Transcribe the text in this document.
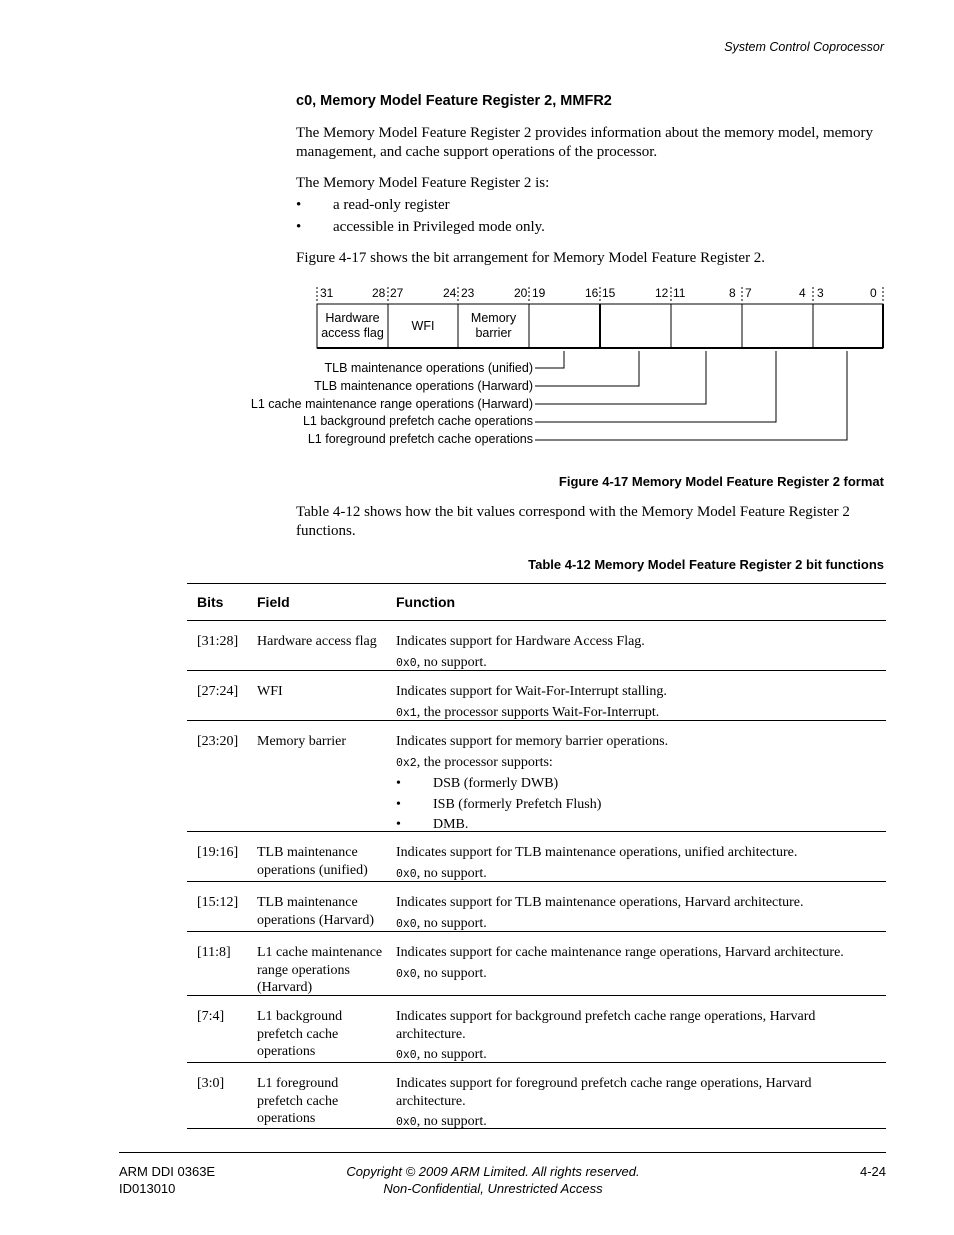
System Control Coprocessor
c0, Memory Model Feature Register 2, MMFR2
The Memory Model Feature Register 2 provides information about the memory model, memory management, and cache support operations of the processor.
The Memory Model Feature Register 2 is:
• a read-only register
• accessible in Privileged mode only.
Figure 4-17 shows the bit arrangement for Memory Model Feature Register 2.
31	28 27	24 23	20 19	16 15	12 11	8 7	4 3	0
Hardware
access flag
WFI
Memory
barrier
TLB maintenance operations (unified)
TLB maintenance operations (Harward)
L1 cache maintenance range operations (Harward)
L1 background prefetch cache operations
L1 foreground prefetch cache operations
Figure 4-17 Memory Model Feature Register 2 format
Table 4-12 shows how the bit values correspond with the Memory Model Feature Register 2 functions.
Table 4-12 Memory Model Feature Register 2 bit functions
Bits Field	Function
[31:28] Hardware access flag	Indicates support for Hardware Access Flag.
0x0, no support.
[27:24] WFI	Indicates support for Wait-For-Interrupt stalling.
0x1, the processor supports Wait-For-Interrupt.
[23:20] Memory barrier	Indicates support for memory barrier operations.
0x2, the processor supports:
• DSB (formerly DWB)
• ISB (formerly Prefetch Flush)
• DMB.
[19:16] TLB maintenance operations (unified)
Indicates support for TLB maintenance operations, unified architecture.
0x0, no support.
[15:12] TLB maintenance operations (Harvard)
Indicates support for TLB maintenance operations, Harvard architecture.
0x0, no support.
[11:8] L1 cache maintenance range operations (Harvard)
Indicates support for cache maintenance range operations, Harvard architecture.
0x0, no support.
[7:4] L1 background prefetch cache operations
Indicates support for background prefetch cache range operations, Harvard architecture.
0x0, no support.
[3:0] L1 foreground prefetch cache operations
Indicates support for foreground prefetch cache range operations, Harvard architecture.
0x0, no support.
ARM DDI 0363E
ID013010
Copyright © 2009 ARM Limited. All rights reserved.
Non-Confidential, Unrestricted Access
4-24
